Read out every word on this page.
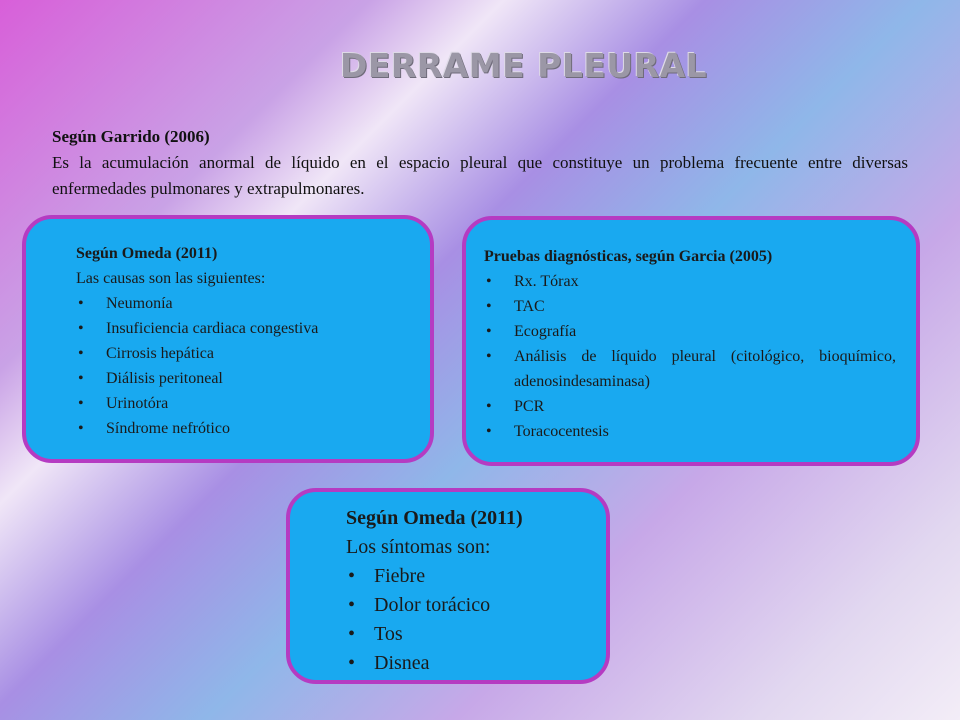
DERRAME PLEURAL
Según Garrido (2006)
Es la acumulación anormal de líquido en el espacio pleural que constituye un problema frecuente entre diversas enfermedades pulmonares y extrapulmonares.
Según Omeda (2011)
Las causas son las siguientes:
• Neumonía
• Insuficiencia cardiaca congestiva
• Cirrosis hepática
• Diálisis peritoneal
• Urinotóra
• Síndrome nefrótico
Pruebas diagnósticas, según Garcia (2005)
• Rx. Tórax
• TAC
• Ecografía
• Análisis de líquido pleural (citológico, bioquímico, adenosindesaminasa)
• PCR
• Toracocentesis
Según Omeda (2011)
Los síntomas son:
• Fiebre
• Dolor torácico
• Tos
• Disnea
